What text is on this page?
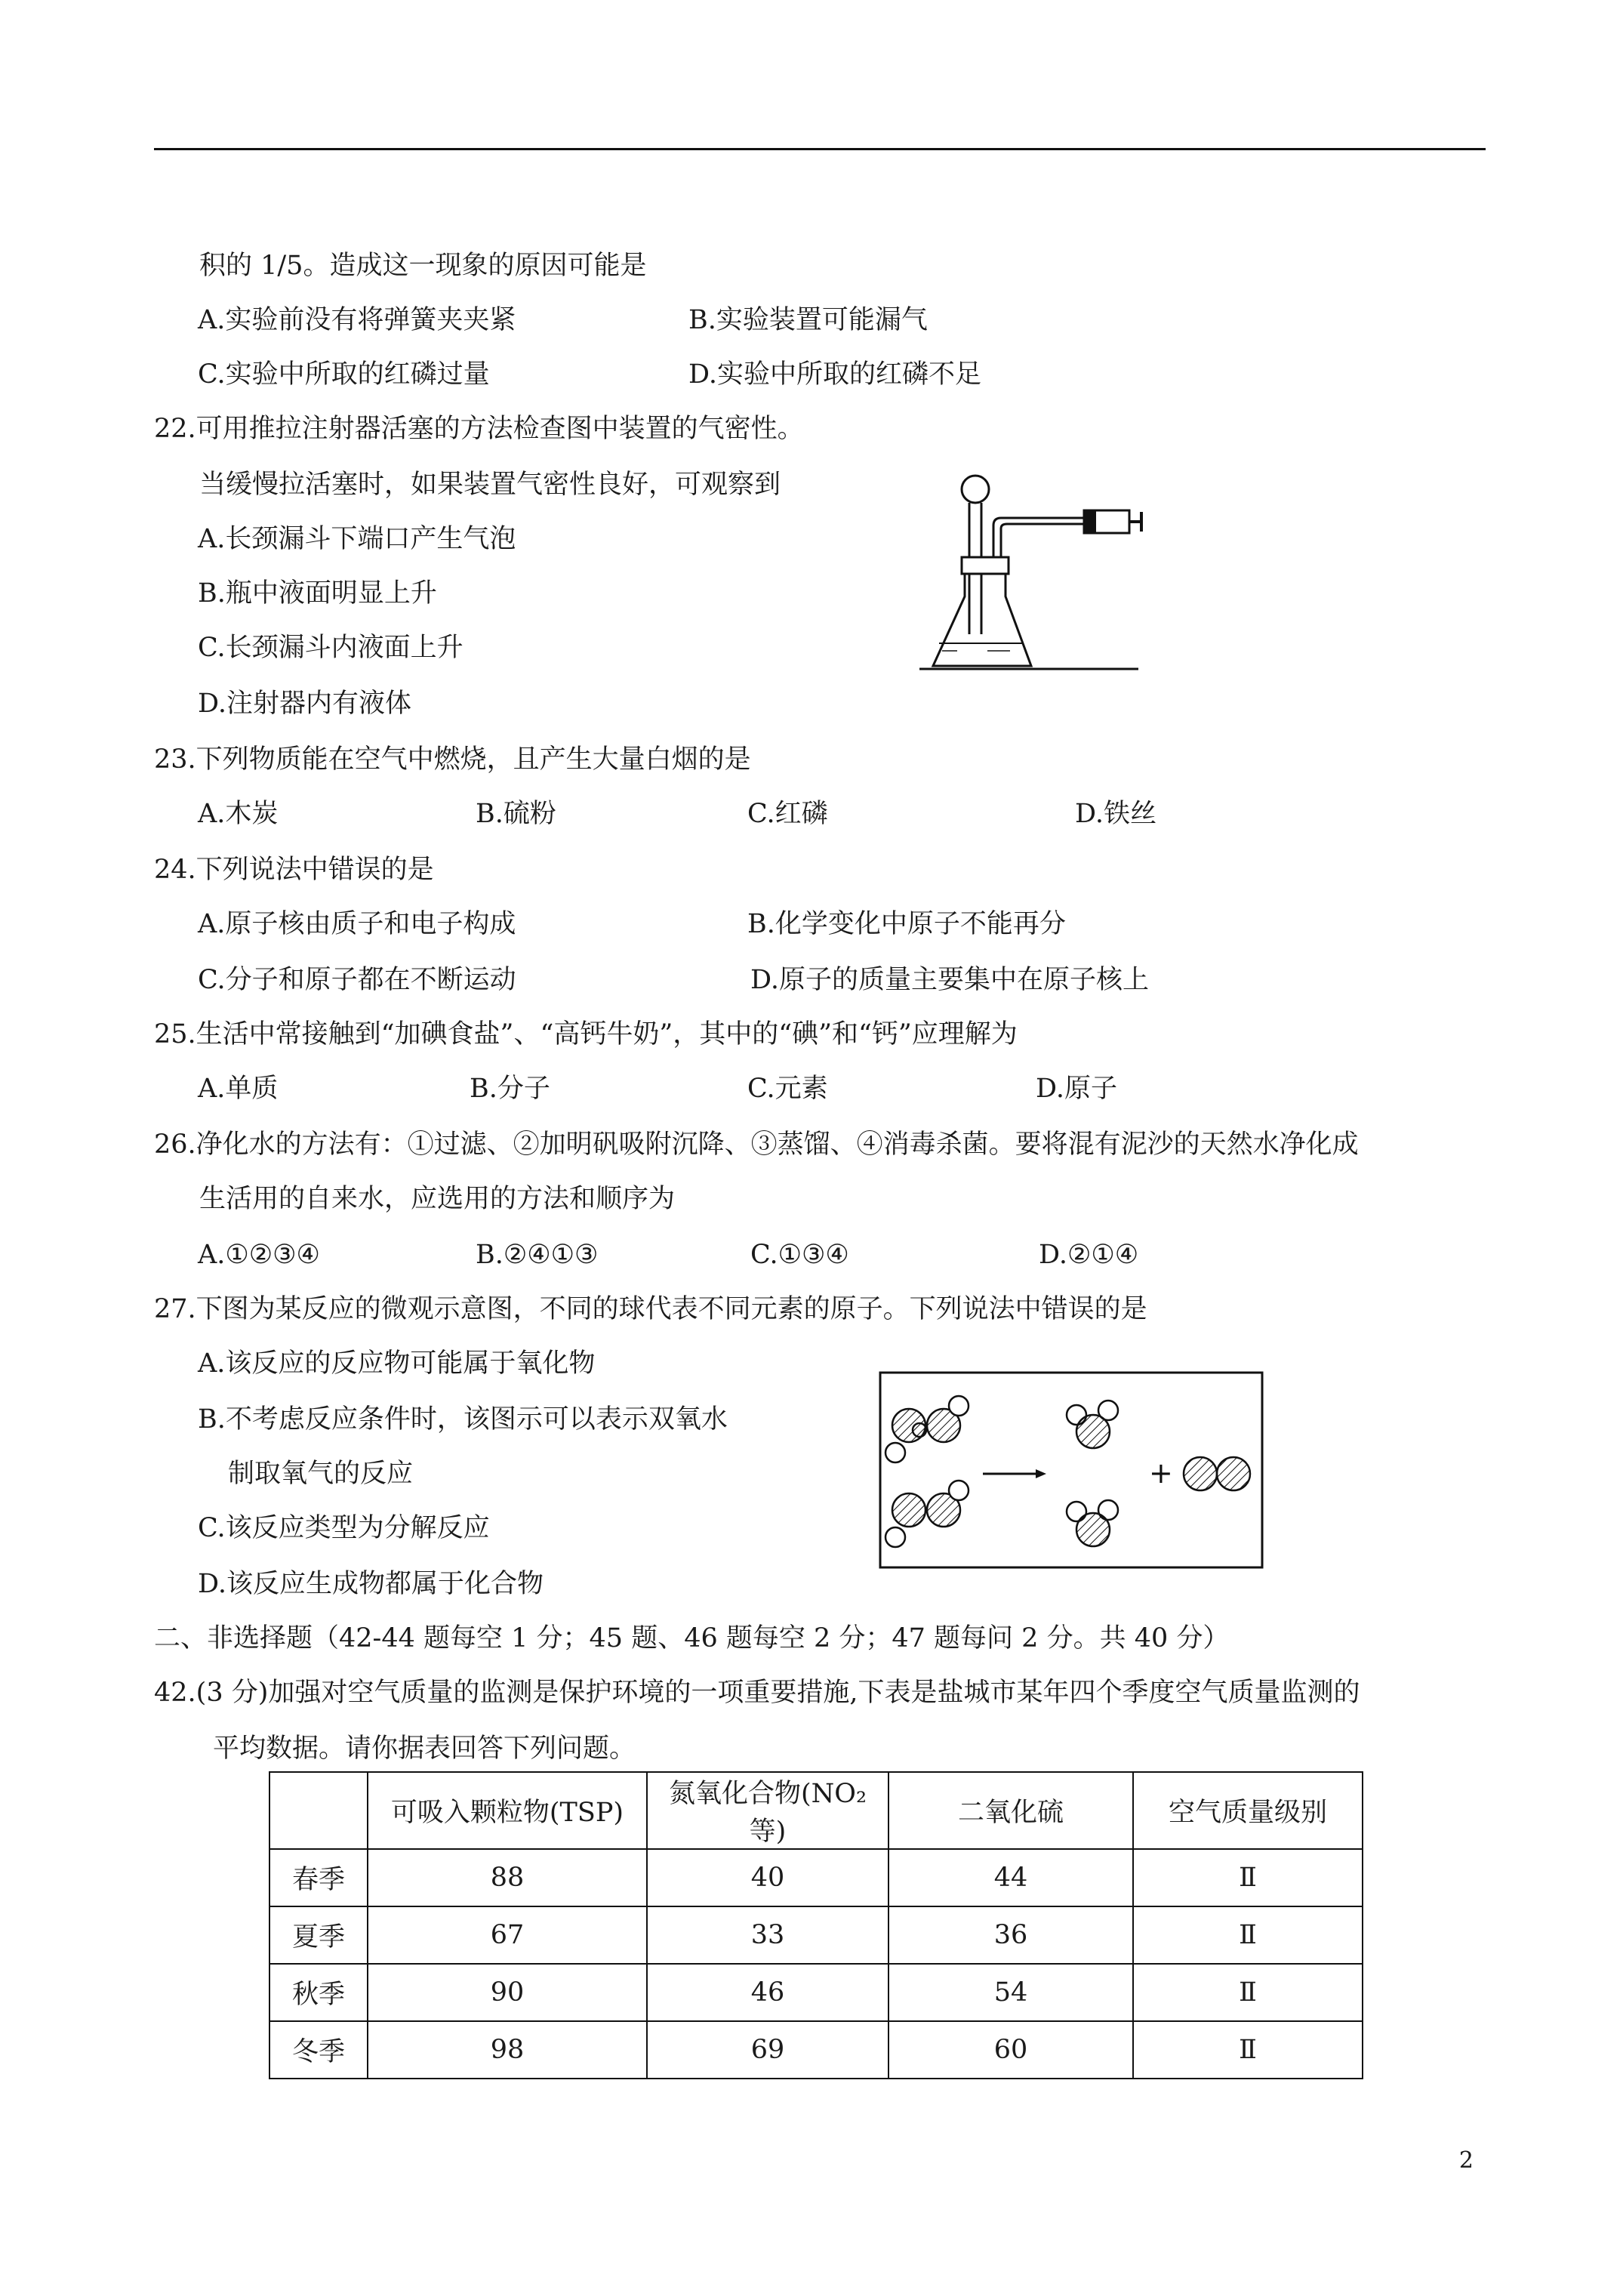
积的 1/5。造成这一现象的原因可能是
A.实验前没有将弹簧夹夹紧	B.实验装置可能漏气
C.实验中所取的红磷过量	D.实验中所取的红磷不足
22.可用推拉注射器活塞的方法检查图中装置的气密性。
当缓慢拉活塞时，如果装置气密性良好，可观察到
A.长颈漏斗下端口产生气泡
B.瓶中液面明显上升
C.长颈漏斗内液面上升
D.注射器内有液体
23.下列物质能在空气中燃烧，且产生大量白烟的是
A.木炭	B.硫粉	C.红磷	D.铁丝
24.下列说法中错误的是
A.原子核由质子和电子构成	B.化学变化中原子不能再分
C.分子和原子都在不断运动	D.原子的质量主要集中在原子核上
25.生活中常接触到“加碘食盐”、“高钙牛奶”，其中的“碘”和“钙”应理解为
A.单质	B.分子	C.元素	D.原子
26.净化水的方法有：①过滤、②加明矾吸附沉降、③蒸馏、④消毒杀菌。要将混有泥沙的天然水净化成
生活用的自来水，应选用的方法和顺序为
A.①②③④	B.②④①③	C.①③④	D.②①④
27.下图为某反应的微观示意图，不同的球代表不同元素的原子。下列说法中错误的是
A.该反应的反应物可能属于氧化物
B.不考虑反应条件时，该图示可以表示双氧水
制取氧气的反应
C.该反应类型为分解反应
D.该反应生成物都属于化合物
+
二、非选择题（42-44 题每空 1 分；45 题、46 题每空 2 分；47 题每问 2 分。共 40 分）
42.(3 分)加强对空气质量的监测是保护环境的一项重要措施,下表是盐城市某年四个季度空气质量监测的
平均数据。请你据表回答下列问题。
	可吸入颗粒物(TSP)	氮氧化合物(NO₂等)	二氧化硫	空气质量级别
春季	88	40	44	Ⅱ
夏季	67	33	36	Ⅱ
秋季	90	46	54	Ⅱ
冬季	98	69	60	Ⅱ
2
